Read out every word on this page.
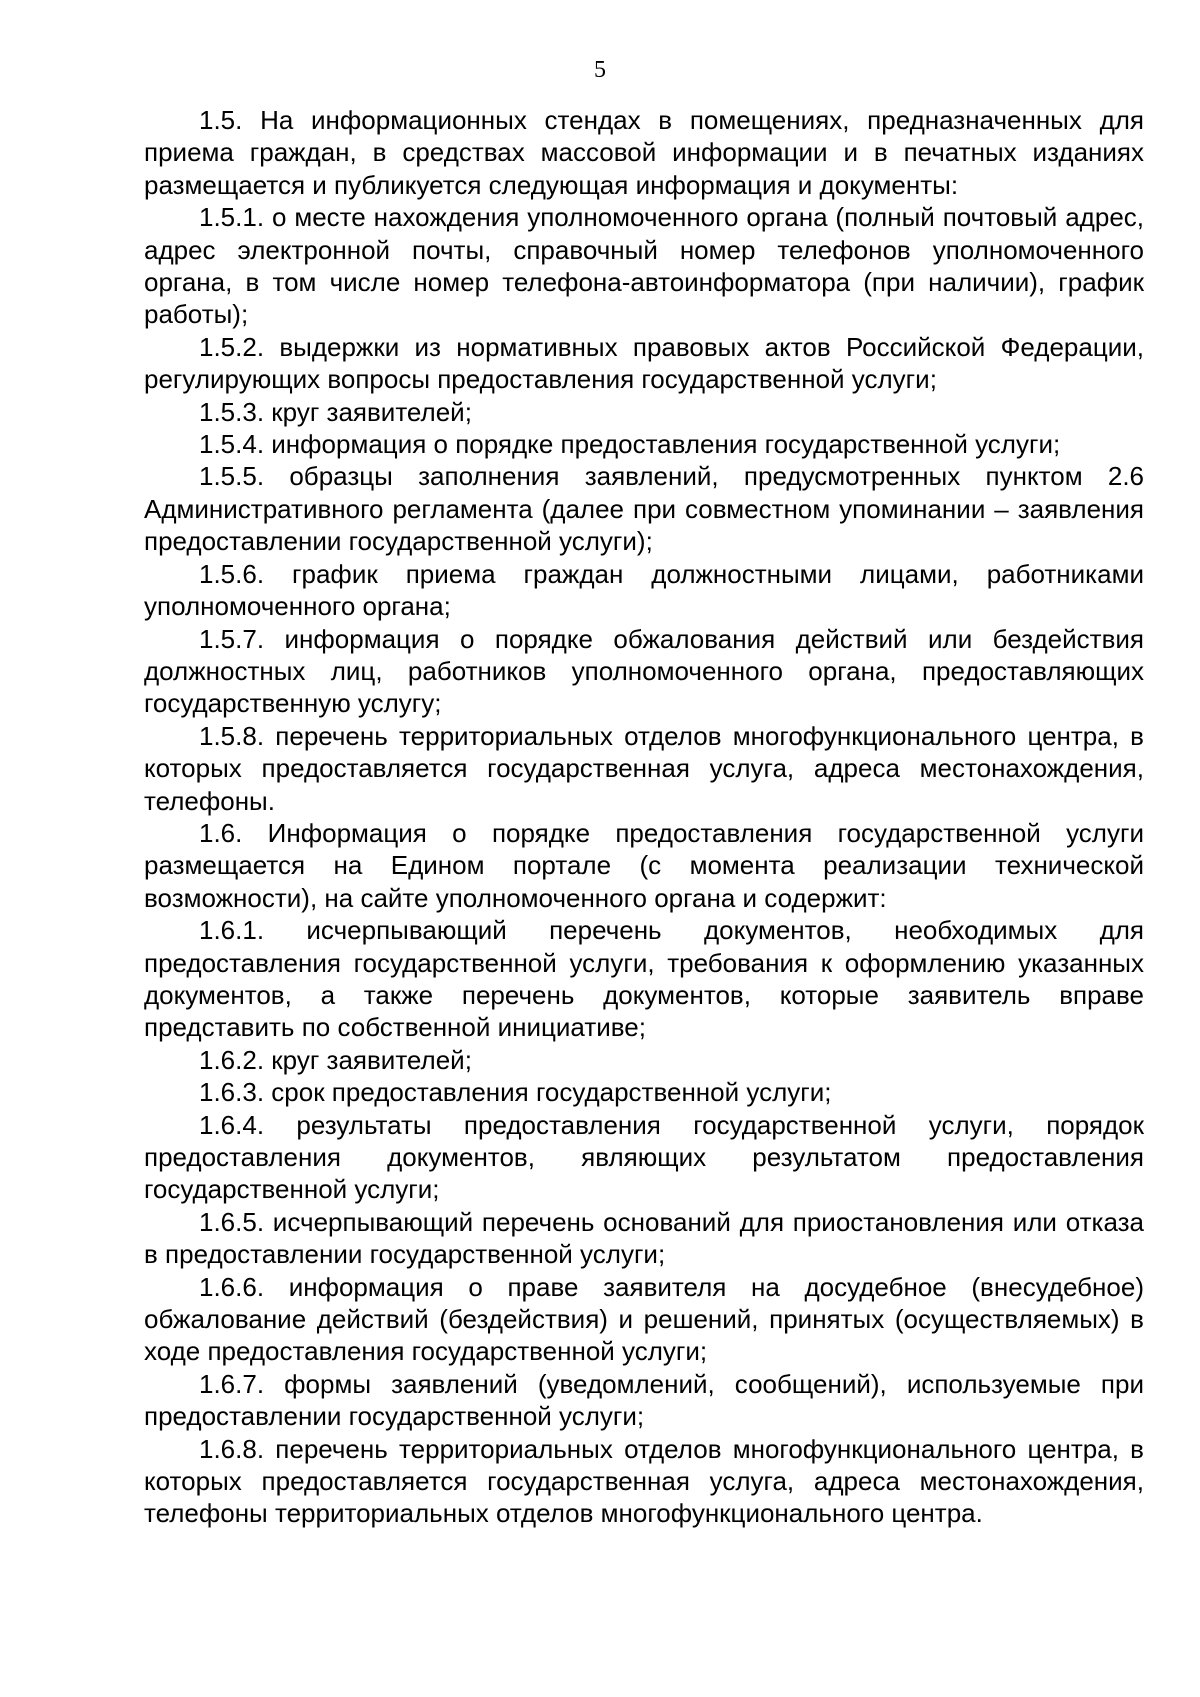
5

1.5. На информационных стендах в помещениях, предназначенных для приема граждан, в средствах массовой информации и в печатных изданиях размещается и публикуется следующая информация и документы:

1.5.1. о месте нахождения уполномоченного органа (полный почтовый адрес, адрес электронной почты, справочный номер телефонов уполномоченного органа, в том числе номер телефона-автоинформатора (при наличии), график работы);

1.5.2. выдержки из нормативных правовых актов Российской Федерации, регулирующих вопросы предоставления государственной услуги;

1.5.3. круг заявителей;

1.5.4. информация о порядке предоставления государственной услуги;

1.5.5. образцы заполнения заявлений, предусмотренных пунктом 2.6 Административного регламента (далее при совместном упоминании – заявления предоставлении государственной услуги);

1.5.6. график приема граждан должностными лицами, работниками уполномоченного органа;

1.5.7. информация о порядке обжалования действий или бездействия должностных лиц, работников уполномоченного органа, предоставляющих государственную услугу;

1.5.8. перечень территориальных отделов многофункционального центра, в которых предоставляется государственная услуга, адреса местонахождения, телефоны.

1.6. Информация о порядке предоставления государственной услуги размещается на Едином портале (с момента реализации технической возможности), на сайте уполномоченного органа и содержит:

1.6.1. исчерпывающий перечень документов, необходимых для предоставления государственной услуги, требования к оформлению указанных документов, а также перечень документов, которые заявитель вправе представить по собственной инициативе;

1.6.2. круг заявителей;

1.6.3. срок предоставления государственной услуги;

1.6.4. результаты предоставления государственной услуги, порядок предоставления документов, являющих результатом предоставления государственной услуги;

1.6.5. исчерпывающий перечень оснований для приостановления или отказа в предоставлении государственной услуги;

1.6.6. информация о праве заявителя на досудебное (внесудебное) обжалование действий (бездействия) и решений, принятых (осуществляемых) в ходе предоставления государственной услуги;

1.6.7. формы заявлений (уведомлений, сообщений), используемые при предоставлении государственной услуги;

1.6.8. перечень территориальных отделов многофункционального центра, в которых предоставляется государственная услуга, адреса местонахождения, телефоны территориальных отделов многофункционального центра.
